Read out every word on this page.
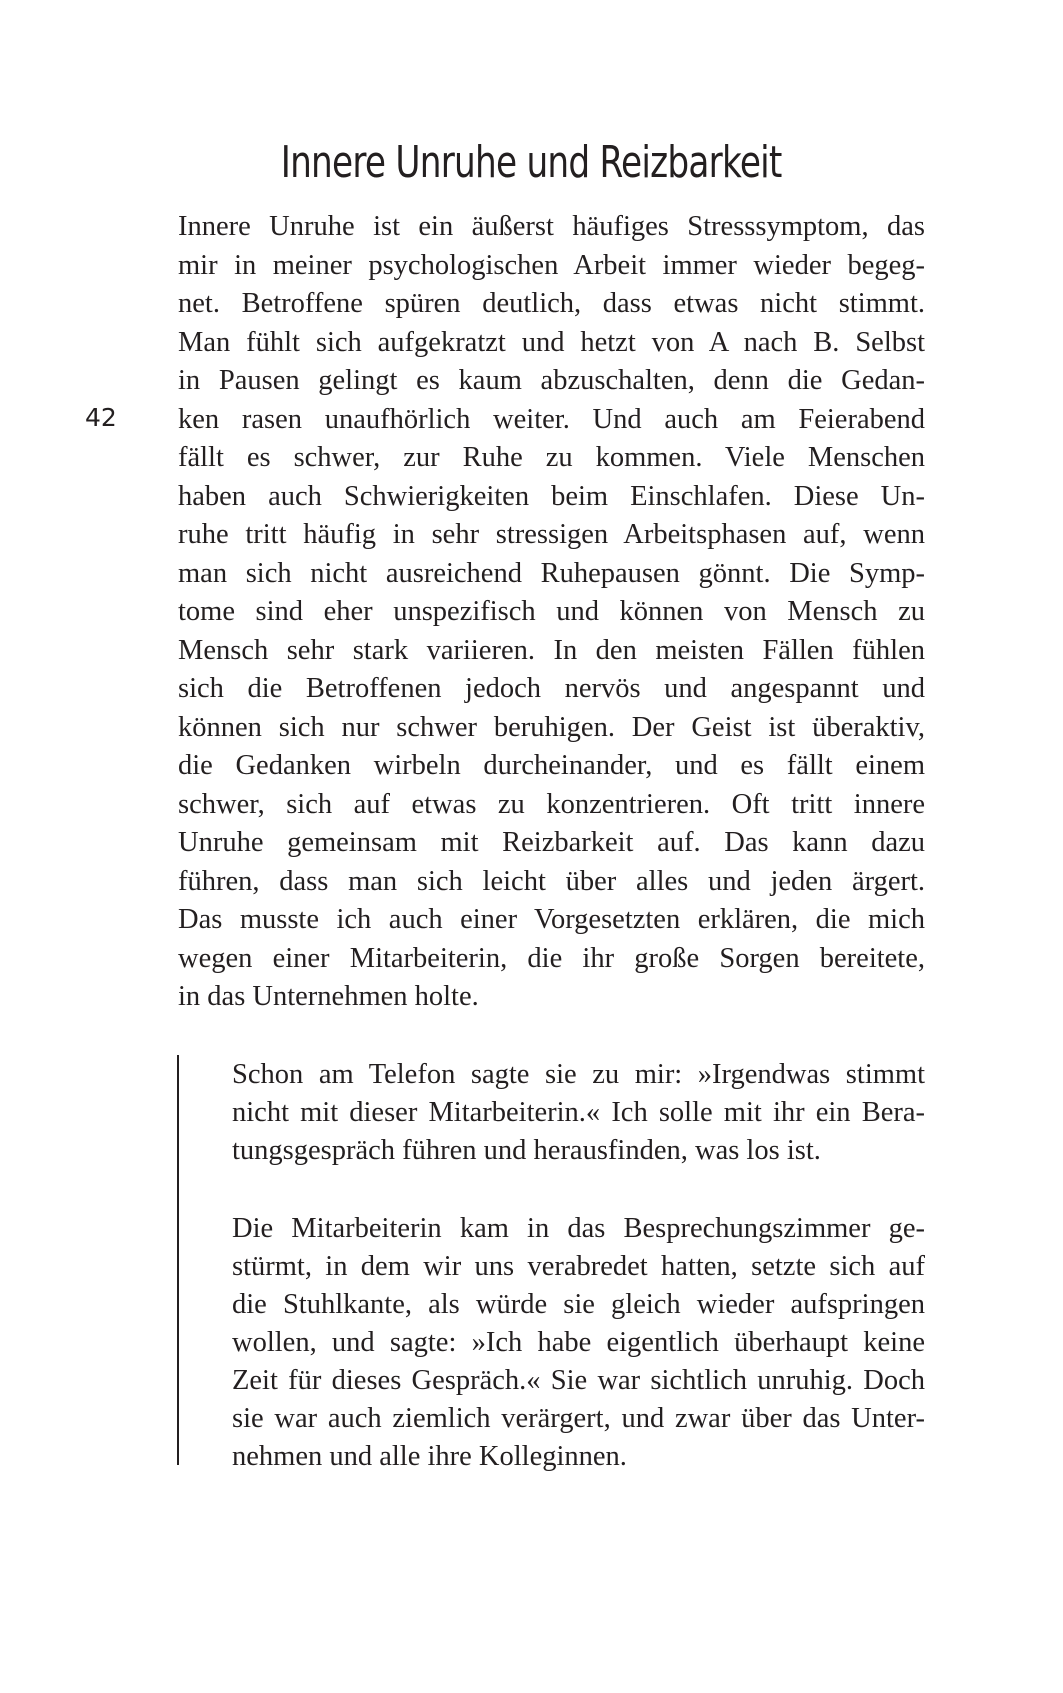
Innere Unruhe und Reizbarkeit
42
Innere Unruhe ist ein äußerst häufiges Stresssymptom, das
mir in meiner psychologischen Arbeit immer wieder begeg-
net. Betroffene spüren deutlich, dass etwas nicht stimmt.
Man fühlt sich aufgekratzt und hetzt von A nach B. Selbst
in Pausen gelingt es kaum abzuschalten, denn die Gedan-
ken rasen unaufhörlich weiter. Und auch am Feierabend
fällt es schwer, zur Ruhe zu kommen. Viele Menschen
haben auch Schwierigkeiten beim Einschlafen. Diese Un-
ruhe tritt häufig in sehr stressigen Arbeitsphasen auf, wenn
man sich nicht ausreichend Ruhepausen gönnt. Die Symp-
tome sind eher unspezifisch und können von Mensch zu
Mensch sehr stark variieren. In den meisten Fällen fühlen
sich die Betroffenen jedoch nervös und angespannt und
können sich nur schwer beruhigen. Der Geist ist überaktiv,
die Gedanken wirbeln durcheinander, und es fällt einem
schwer, sich auf etwas zu konzentrieren. Oft tritt innere
Unruhe gemeinsam mit Reizbarkeit auf. Das kann dazu
führen, dass man sich leicht über alles und jeden ärgert.
Das musste ich auch einer Vorgesetzten erklären, die mich
wegen einer Mitarbeiterin, die ihr große Sorgen bereitete,
in das Unternehmen holte.
Schon am Telefon sagte sie zu mir: »Irgendwas stimmt
nicht mit dieser Mitarbeiterin.« Ich solle mit ihr ein Bera-
tungsgespräch führen und herausfinden, was los ist.
Die Mitarbeiterin kam in das Besprechungszimmer ge-
stürmt, in dem wir uns verabredet hatten, setzte sich auf
die Stuhlkante, als würde sie gleich wieder aufspringen
wollen, und sagte: »Ich habe eigentlich überhaupt keine
Zeit für dieses Gespräch.« Sie war sichtlich unruhig. Doch
sie war auch ziemlich verärgert, und zwar über das Unter-
nehmen und alle ihre Kolleginnen.
